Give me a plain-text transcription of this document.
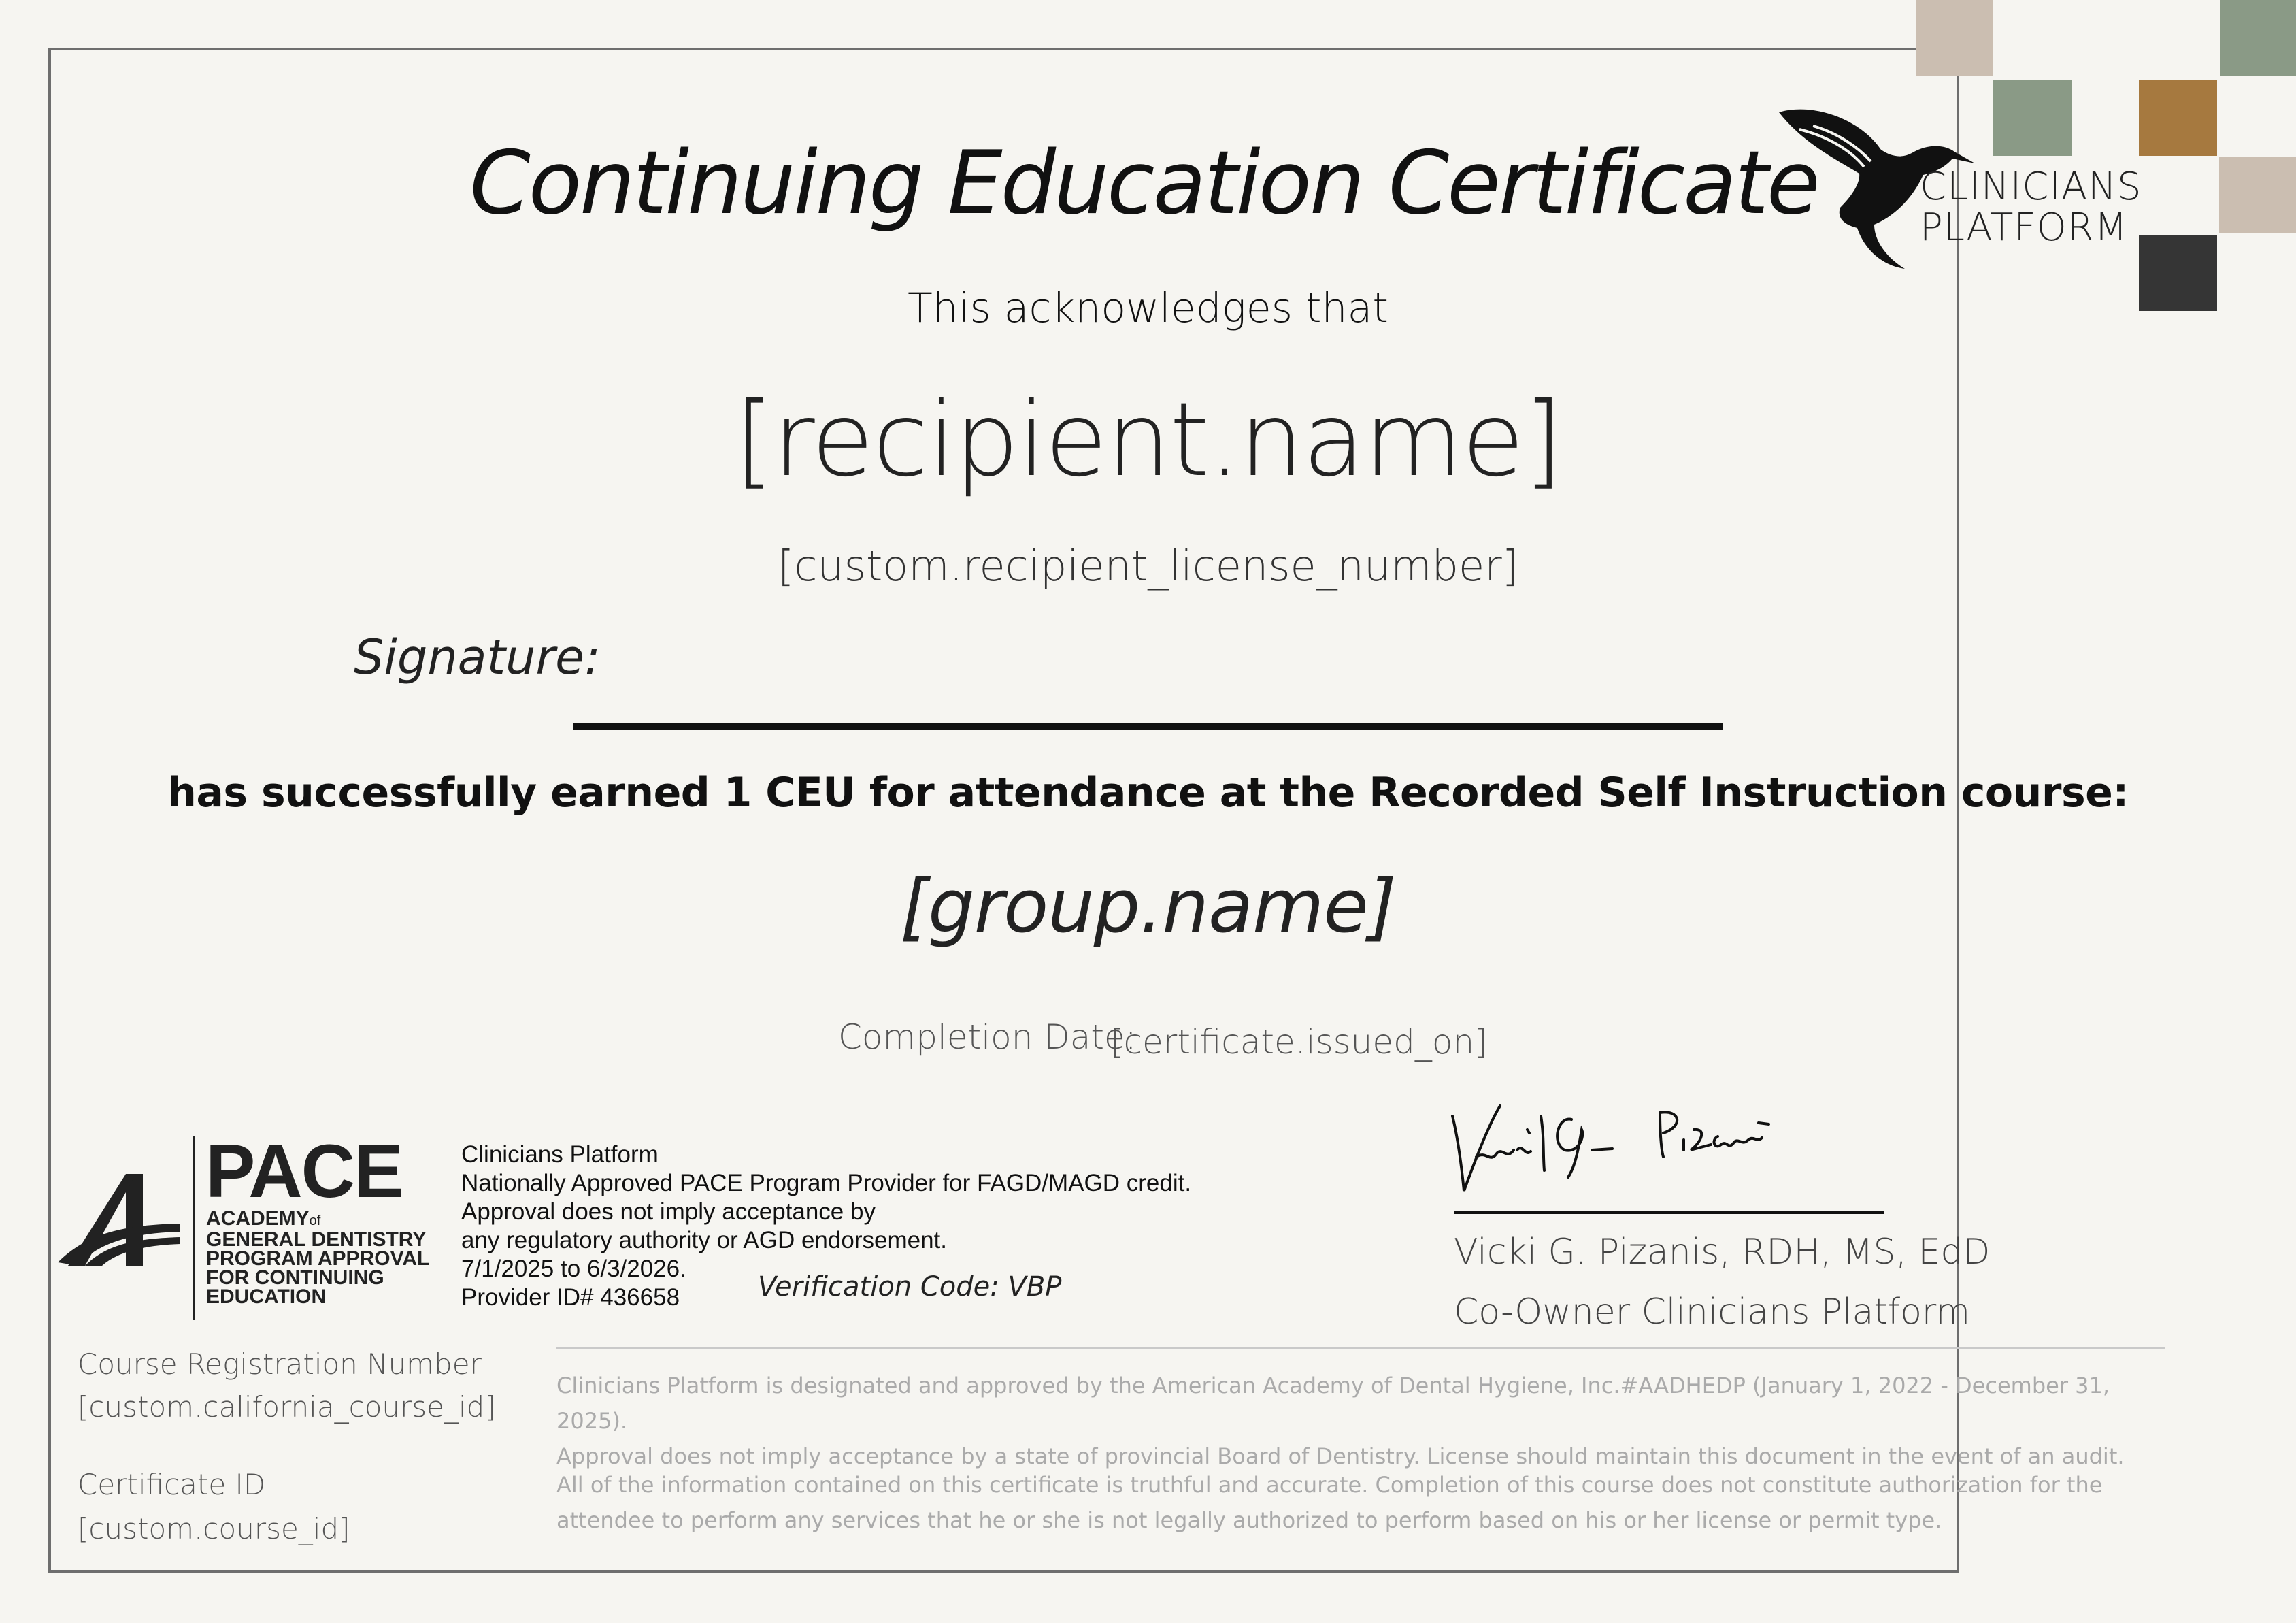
CLINICIANS
PLATFORM
Continuing Education Certificate
This acknowledges that
[recipient.name]
[custom.recipient_license_number]
Signature:
has successfully earned 1 CEU for attendance at the Recorded Self Instruction course:
[group.name]
Completion Date:
[certificate.issued_on]
PACE
ACADEMYof
GENERAL DENTISTRY
PROGRAM APPROVAL
FOR CONTINUING
EDUCATION
Clinicians Platform
Nationally Approved PACE Program Provider for FAGD/MAGD credit.
Approval does not imply acceptance by
any regulatory authority or AGD endorsement.
7/1/2025 to 6/3/2026.
Provider ID# 436658	Verification Code: VBP
Vicki G. Pizanis, RDH, MS, EdD
Co-Owner Clinicians Platform
Course Registration Number
[custom.california_course_id]
Certificate ID
[custom.course_id]
Clinicians Platform is designated and approved by the American Academy of Dental Hygiene, Inc.#AADHEDP (January 1, 2022 - December 31, 2025).
Approval does not imply acceptance by a state of provincial Board of Dentistry. License should maintain this document in the event of an audit.
All of the information contained on this certificate is truthful and accurate. Completion of this course does not constitute authorization for the
attendee to perform any services that he or she is not legally authorized to perform based on his or her license or permit type.
